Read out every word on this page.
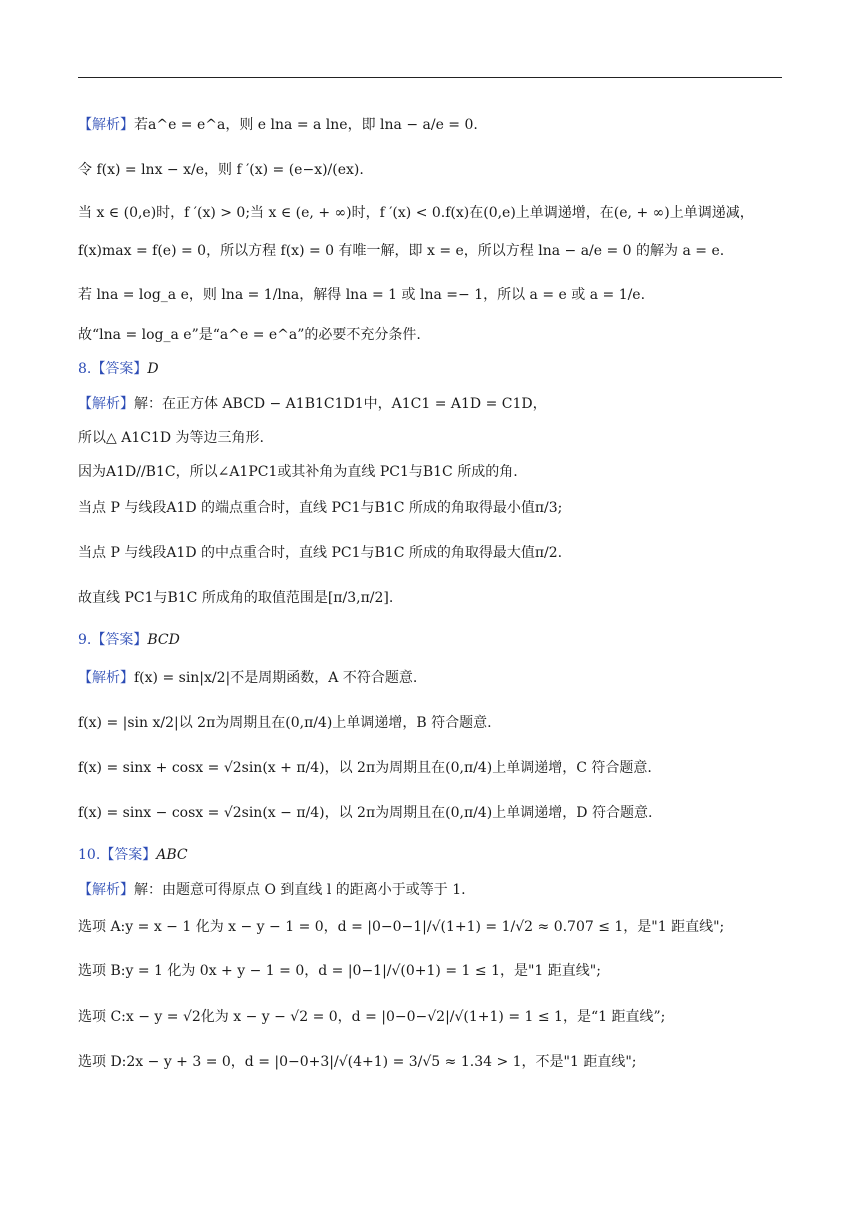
【解析】若a^e = e^a，则 e lna = a lne，即 lna − a/e = 0.
令 f(x) = lnx − x/e，则 f ′(x) = (e−x)/(ex).
当 x ∈ (0,e)时，f ′(x) > 0;当 x ∈ (e, + ∞)时，f ′(x) < 0.f(x)在(0,e)上单调递增，在(e, + ∞)上单调递减，
f(x)max = f(e) = 0，所以方程 f(x) = 0 有唯一解，即 x = e，所以方程 lna − a/e = 0 的解为 a = e.
若 lna = log_a e，则 lna = 1/lna，解得 lna = 1 或 lna =− 1，所以 a = e 或 a = 1/e.
故“lna = log_a e”是“a^e = e^a”的必要不充分条件.
8.【答案】D
【解析】解：在正方体 ABCD − A1B1C1D1中，A1C1 = A1D = C1D，
所以△ A1C1D 为等边三角形.
因为A1D//B1C，所以∠A1PC1或其补角为直线 PC1与B1C 所成的角.
当点 P 与线段A1D 的端点重合时，直线 PC1与B1C 所成的角取得最小值π/3;
当点 P 与线段A1D 的中点重合时，直线 PC1与B1C 所成的角取得最大值π/2.
故直线 PC1与B1C 所成角的取值范围是[π/3,π/2].
9.【答案】BCD
【解析】f(x) = sin|x/2|不是周期函数，A 不符合题意.
f(x) = |sin x/2|以 2π为周期且在(0,π/4)上单调递增，B 符合题意.
f(x) = sinx + cosx = √2sin(x + π/4)，以 2π为周期且在(0,π/4)上单调递增，C 符合题意.
f(x) = sinx − cosx = √2sin(x − π/4)，以 2π为周期且在(0,π/4)上单调递增，D 符合题意.
10.【答案】ABC
【解析】解：由题意可得原点 O 到直线 l 的距离小于或等于 1.
选项 A:y = x − 1 化为 x − y − 1 = 0，d = |0−0−1|/√(1+1) = 1/√2 ≈ 0.707 ≤ 1，是"1 距直线";
选项 B:y = 1 化为 0x + y − 1 = 0，d = |0−1|/√(0+1) = 1 ≤ 1，是"1 距直线";
选项 C:x − y = √2化为 x − y − √2 = 0，d = |0−0−√2|/√(1+1) = 1 ≤ 1，是“1 距直线”;
选项 D:2x − y + 3 = 0，d = |0−0+3|/√(4+1) = 3/√5 ≈ 1.34 > 1，不是"1 距直线";
